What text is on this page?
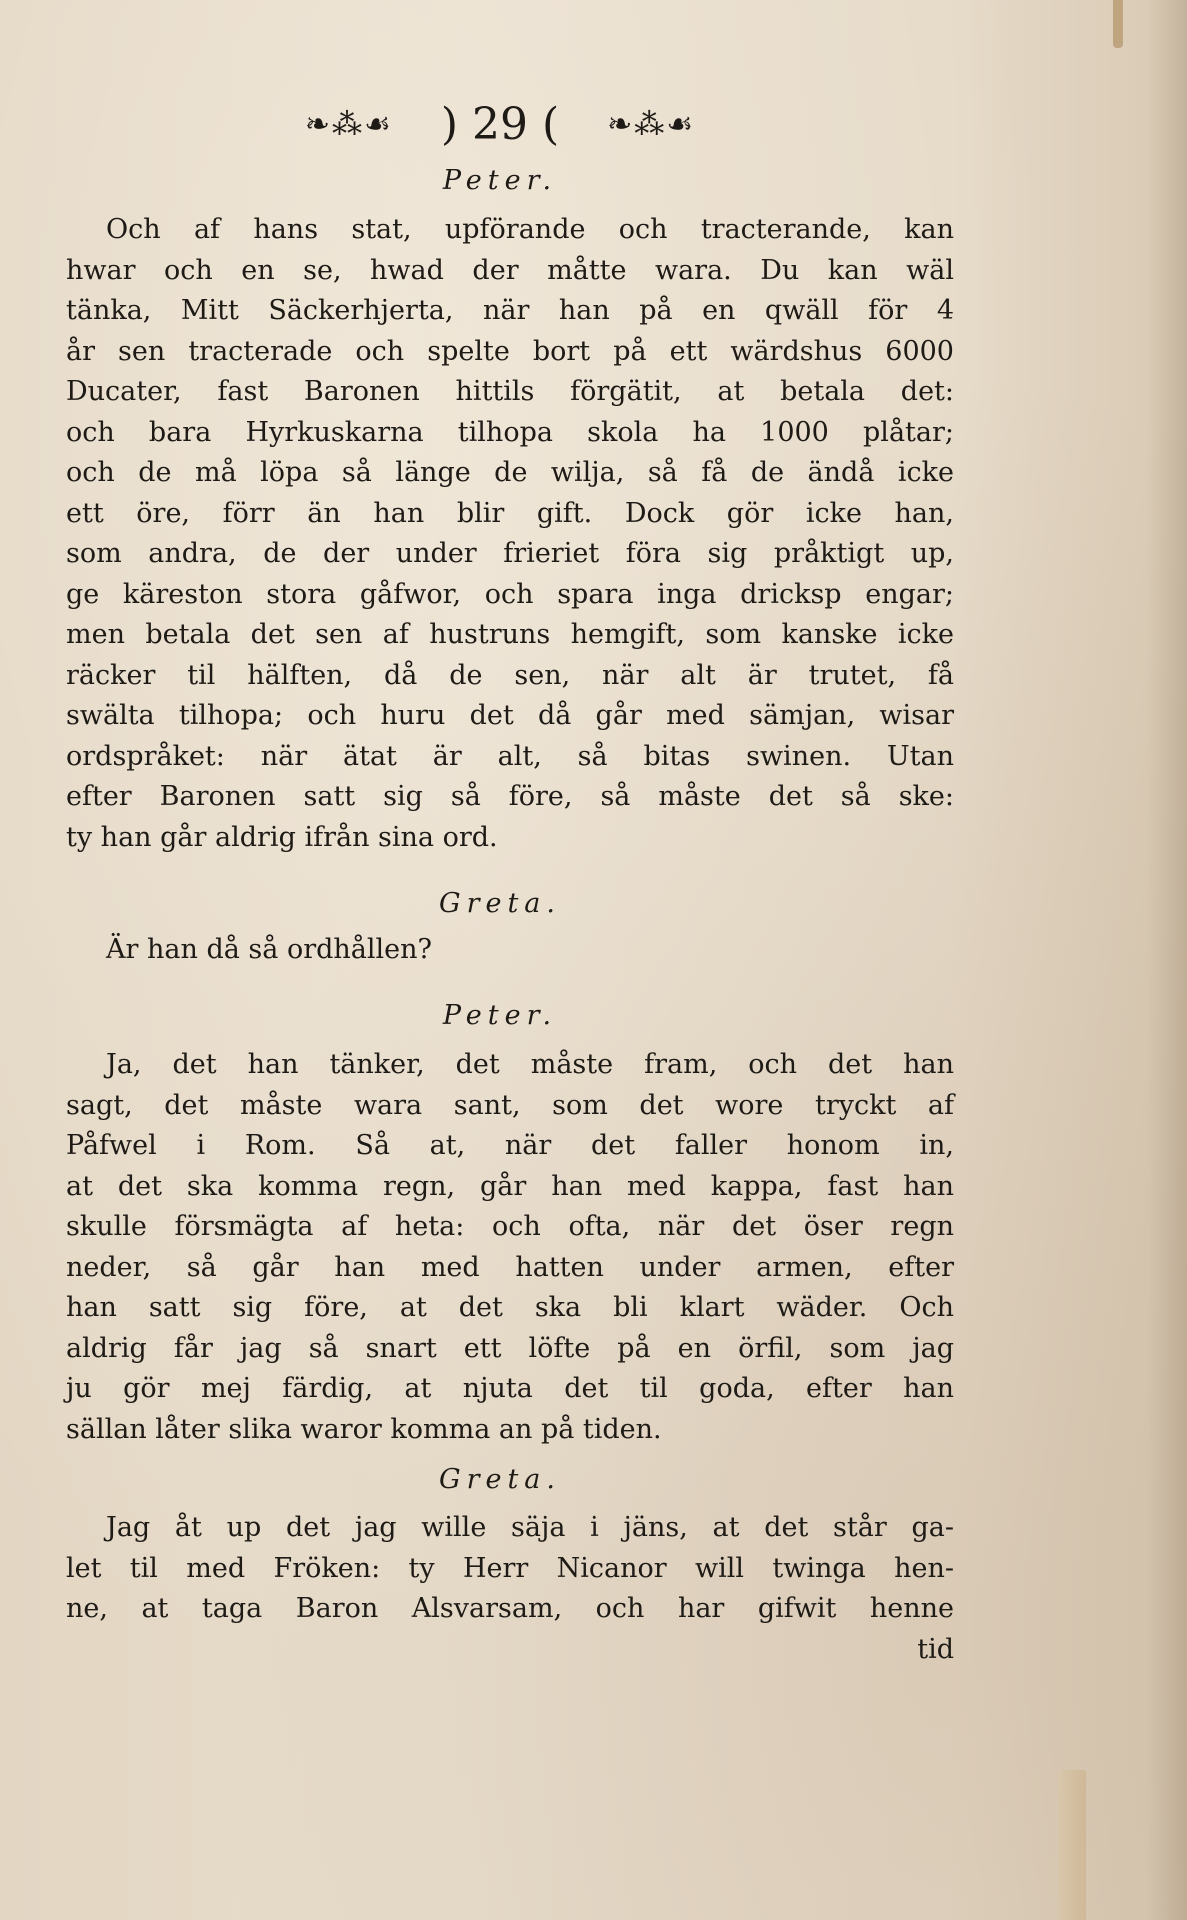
❧⁂☙ ) 29 ( ❧⁂☙
Peter.
Och af hans stat, upförande och tracterande, kan
hwar och en se, hwad der måtte wara. Du kan wäl
tänka, Mitt Säckerhjerta, när han på en qwäll för 4
år sen tracterade och spelte bort på ett wärdshus 6000
Ducater, fast Baronen hittils förgätit, at betala det:
och bara Hyrkuskarna tilhopa skola ha 1000 plåtar;
och de må löpa så länge de wilja, så få de ändå icke
ett öre, förr än han blir gift. Dock gör icke han,
som andra, de der under frieriet föra sig pråktigt up,
ge käreston stora gåfwor, och spara inga dricksp engar;
men betala det sen af hustruns hemgift, som kanske icke
räcker til hälften, då de sen, när alt är trutet, få
swälta tilhopa; och huru det då går med sämjan, wisar
ordspråket: när ätat är alt, så bitas swinen. Utan
efter Baronen satt sig så före, så måste det så ske:
ty han går aldrig ifrån sina ord.
Greta.
Är han då så ordhållen?
Peter.
Ja, det han tänker, det måste fram, och det han
sagt, det måste wara sant, som det wore tryckt af
Påfwel i Rom. Så at, när det faller honom in,
at det ska komma regn, går han med kappa, fast han
skulle försmägta af heta: och ofta, när det öser regn
neder, så går han med hatten under armen, efter
han satt sig före, at det ska bli klart wäder. Och
aldrig får jag så snart ett löfte på en örfil, som jag
ju gör mej färdig, at njuta det til goda, efter han
sällan låter slika waror komma an på tiden.
Greta.
Jag åt up det jag wille säja i jäns, at det står ga-
let til med Fröken: ty Herr Nicanor will twinga hen-
ne, at taga Baron Alsvarsam, och har gifwit henne
tid
